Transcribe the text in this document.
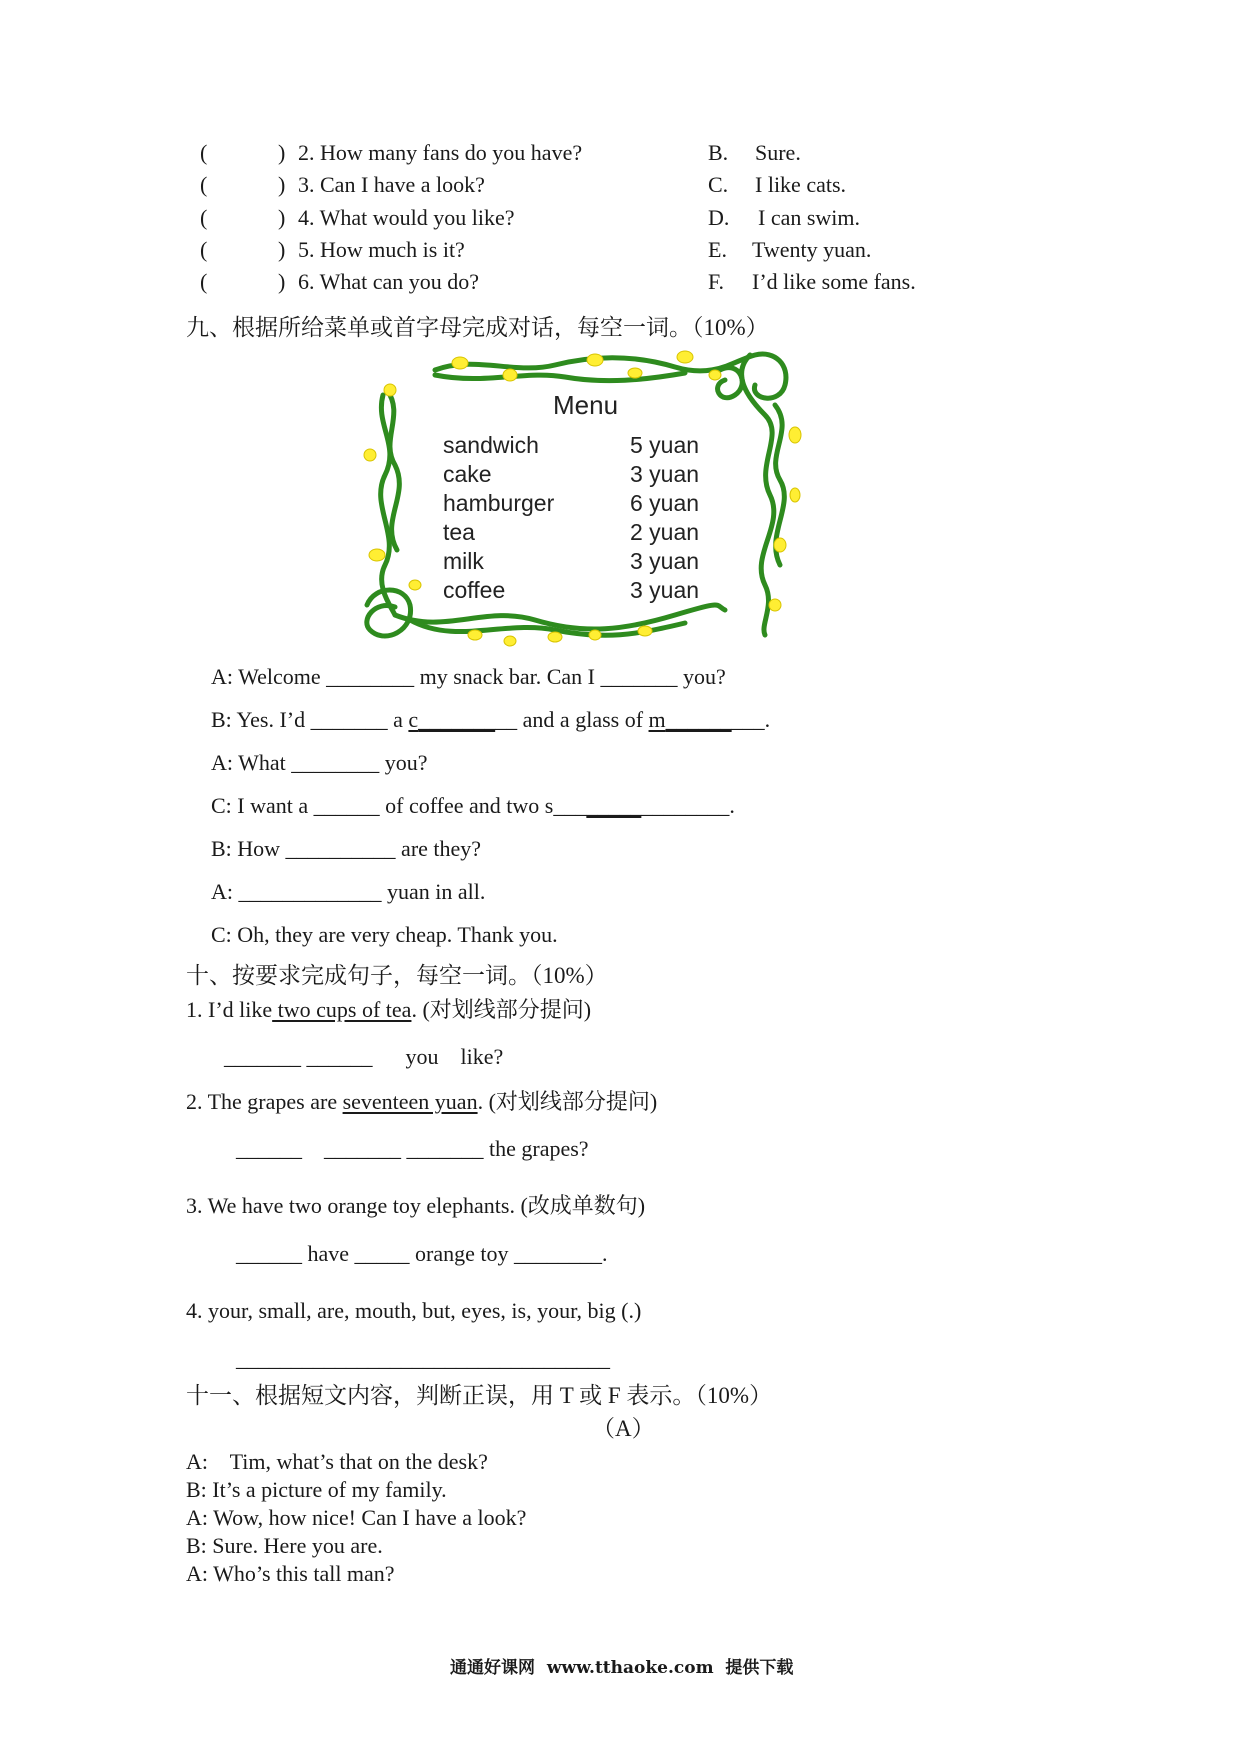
(	) 2. How many fans do you have?	B. Sure.
(	) 3. Can I have a look?	C. I like cats.
(	) 4. What would you like?	D. I can swim.
(	) 5. How much is it?	E. Twenty yuan.
(	) 6. What can you do?	F. I’d like some fans.
九、根据所给菜单或首字母完成对话，每空一词。（10%）
Menu
sandwich	5 yuan
cake	3 yuan
hamburger	6 yuan
tea	2 yuan
milk	3 yuan
coffee	3 yuan
A: Welcome ________ my snack bar. Can I _______ you?
B: Yes. I’d _______ a c_________ and a glass of m_________.
A: What ________ you?
C: I want a ______ of coffee and two s________________.
B: How __________ are they?
A: _____________ yuan in all.
C: Oh, they are very cheap. Thank you.
十、按要求完成句子，每空一词。（10%）
1. I’d like two cups of tea. (对划线部分提问)
_______ ______      you    like?
2. The grapes are seventeen yuan. (对划线部分提问)
______    _______ _______ the grapes?
3. We have two orange toy elephants. (改成单数句)
______ have _____ orange toy ________.
4. your, small, are, mouth, but, eyes, is, your, big (.)
__________________________________
十一、根据短文内容，判断正误，用 T 或 F 表示。（10%）
（A）
A:    Tim, what’s that on the desk?
B: It’s a picture of my family.
A: Wow, how nice! Can I have a look?
B: Sure. Here you are.
A: Who’s this tall man?
通通好课网  www.tthaoke.com  提供下载
